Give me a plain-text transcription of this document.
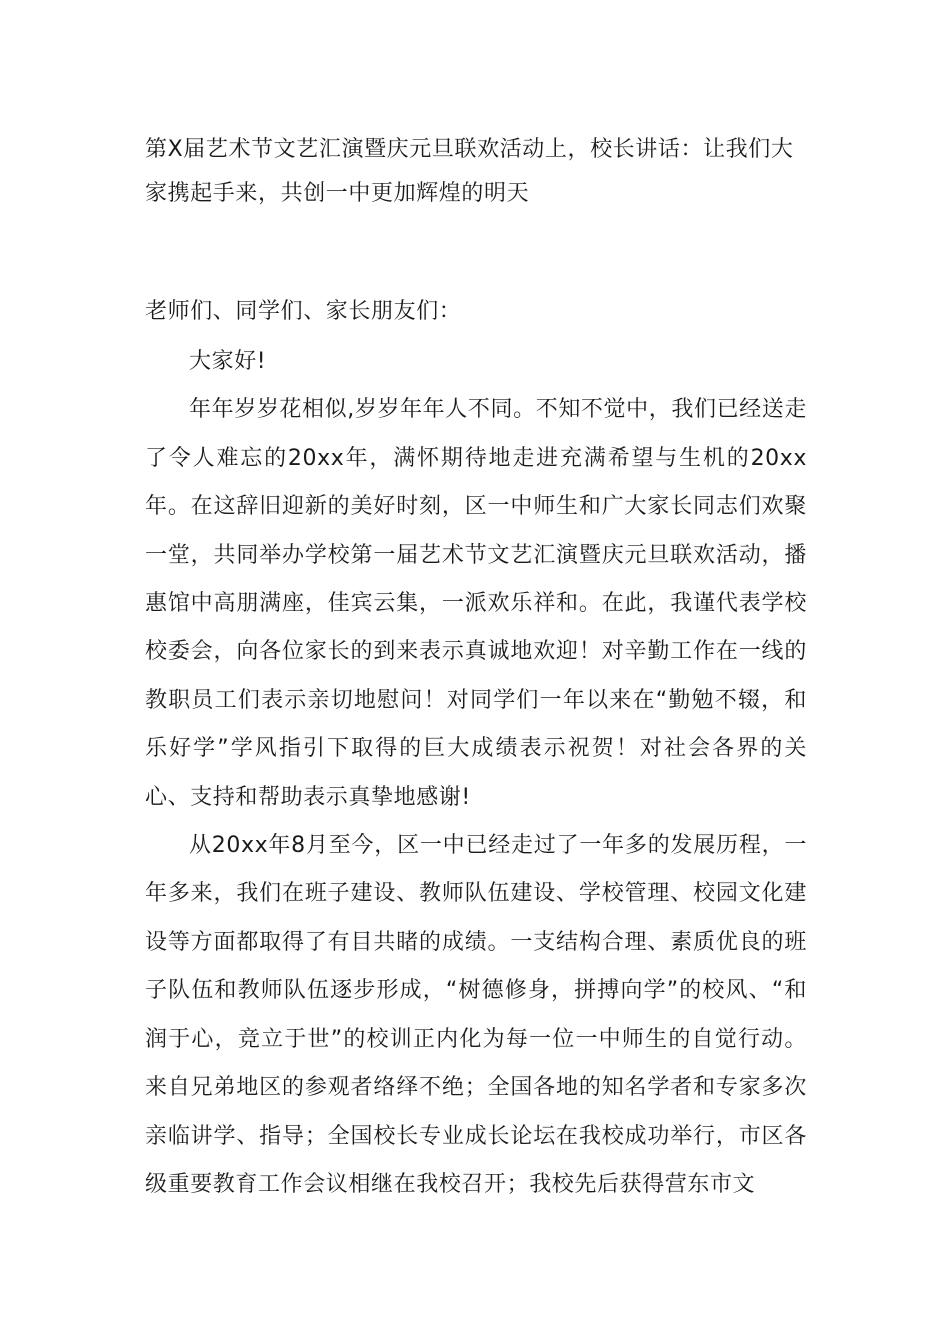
第X届艺术节文艺汇演暨庆元旦联欢活动上，校长讲话：让我们大家携起手来，共创一中更加辉煌的明天

老师们、同学们、家长朋友们：

大家好!

年年岁岁花相似,岁岁年年人不同。不知不觉中，我们已经送走了令人难忘的20xx年，满怀期待地走进充满希望与生机的20xx年。在这辞旧迎新的美好时刻，区一中师生和广大家长同志们欢聚一堂，共同举办学校第一届艺术节文艺汇演暨庆元旦联欢活动，播惠馆中高朋满座，佳宾云集，一派欢乐祥和。在此，我谨代表学校校委会，向各位家长的到来表示真诚地欢迎！对辛勤工作在一线的教职员工们表示亲切地慰问！对同学们一年以来在“勤勉不辍，和乐好学”学风指引下取得的巨大成绩表示祝贺！对社会各界的关心、支持和帮助表示真挚地感谢!

从20xx年8月至今，区一中已经走过了一年多的发展历程，一年多来，我们在班子建设、教师队伍建设、学校管理、校园文化建设等方面都取得了有目共睹的成绩。一支结构合理、素质优良的班子队伍和教师队伍逐步形成，“树德修身，拼搏向学”的校风、“和润于心，竞立于世”的校训正内化为每一位一中师生的自觉行动。来自兄弟地区的参观者络绎不绝；全国各地的知名学者和专家多次亲临讲学、指导；全国校长专业成长论坛在我校成功举行，市区各级重要教育工作会议相继在我校召开；我校先后获得营东市文
